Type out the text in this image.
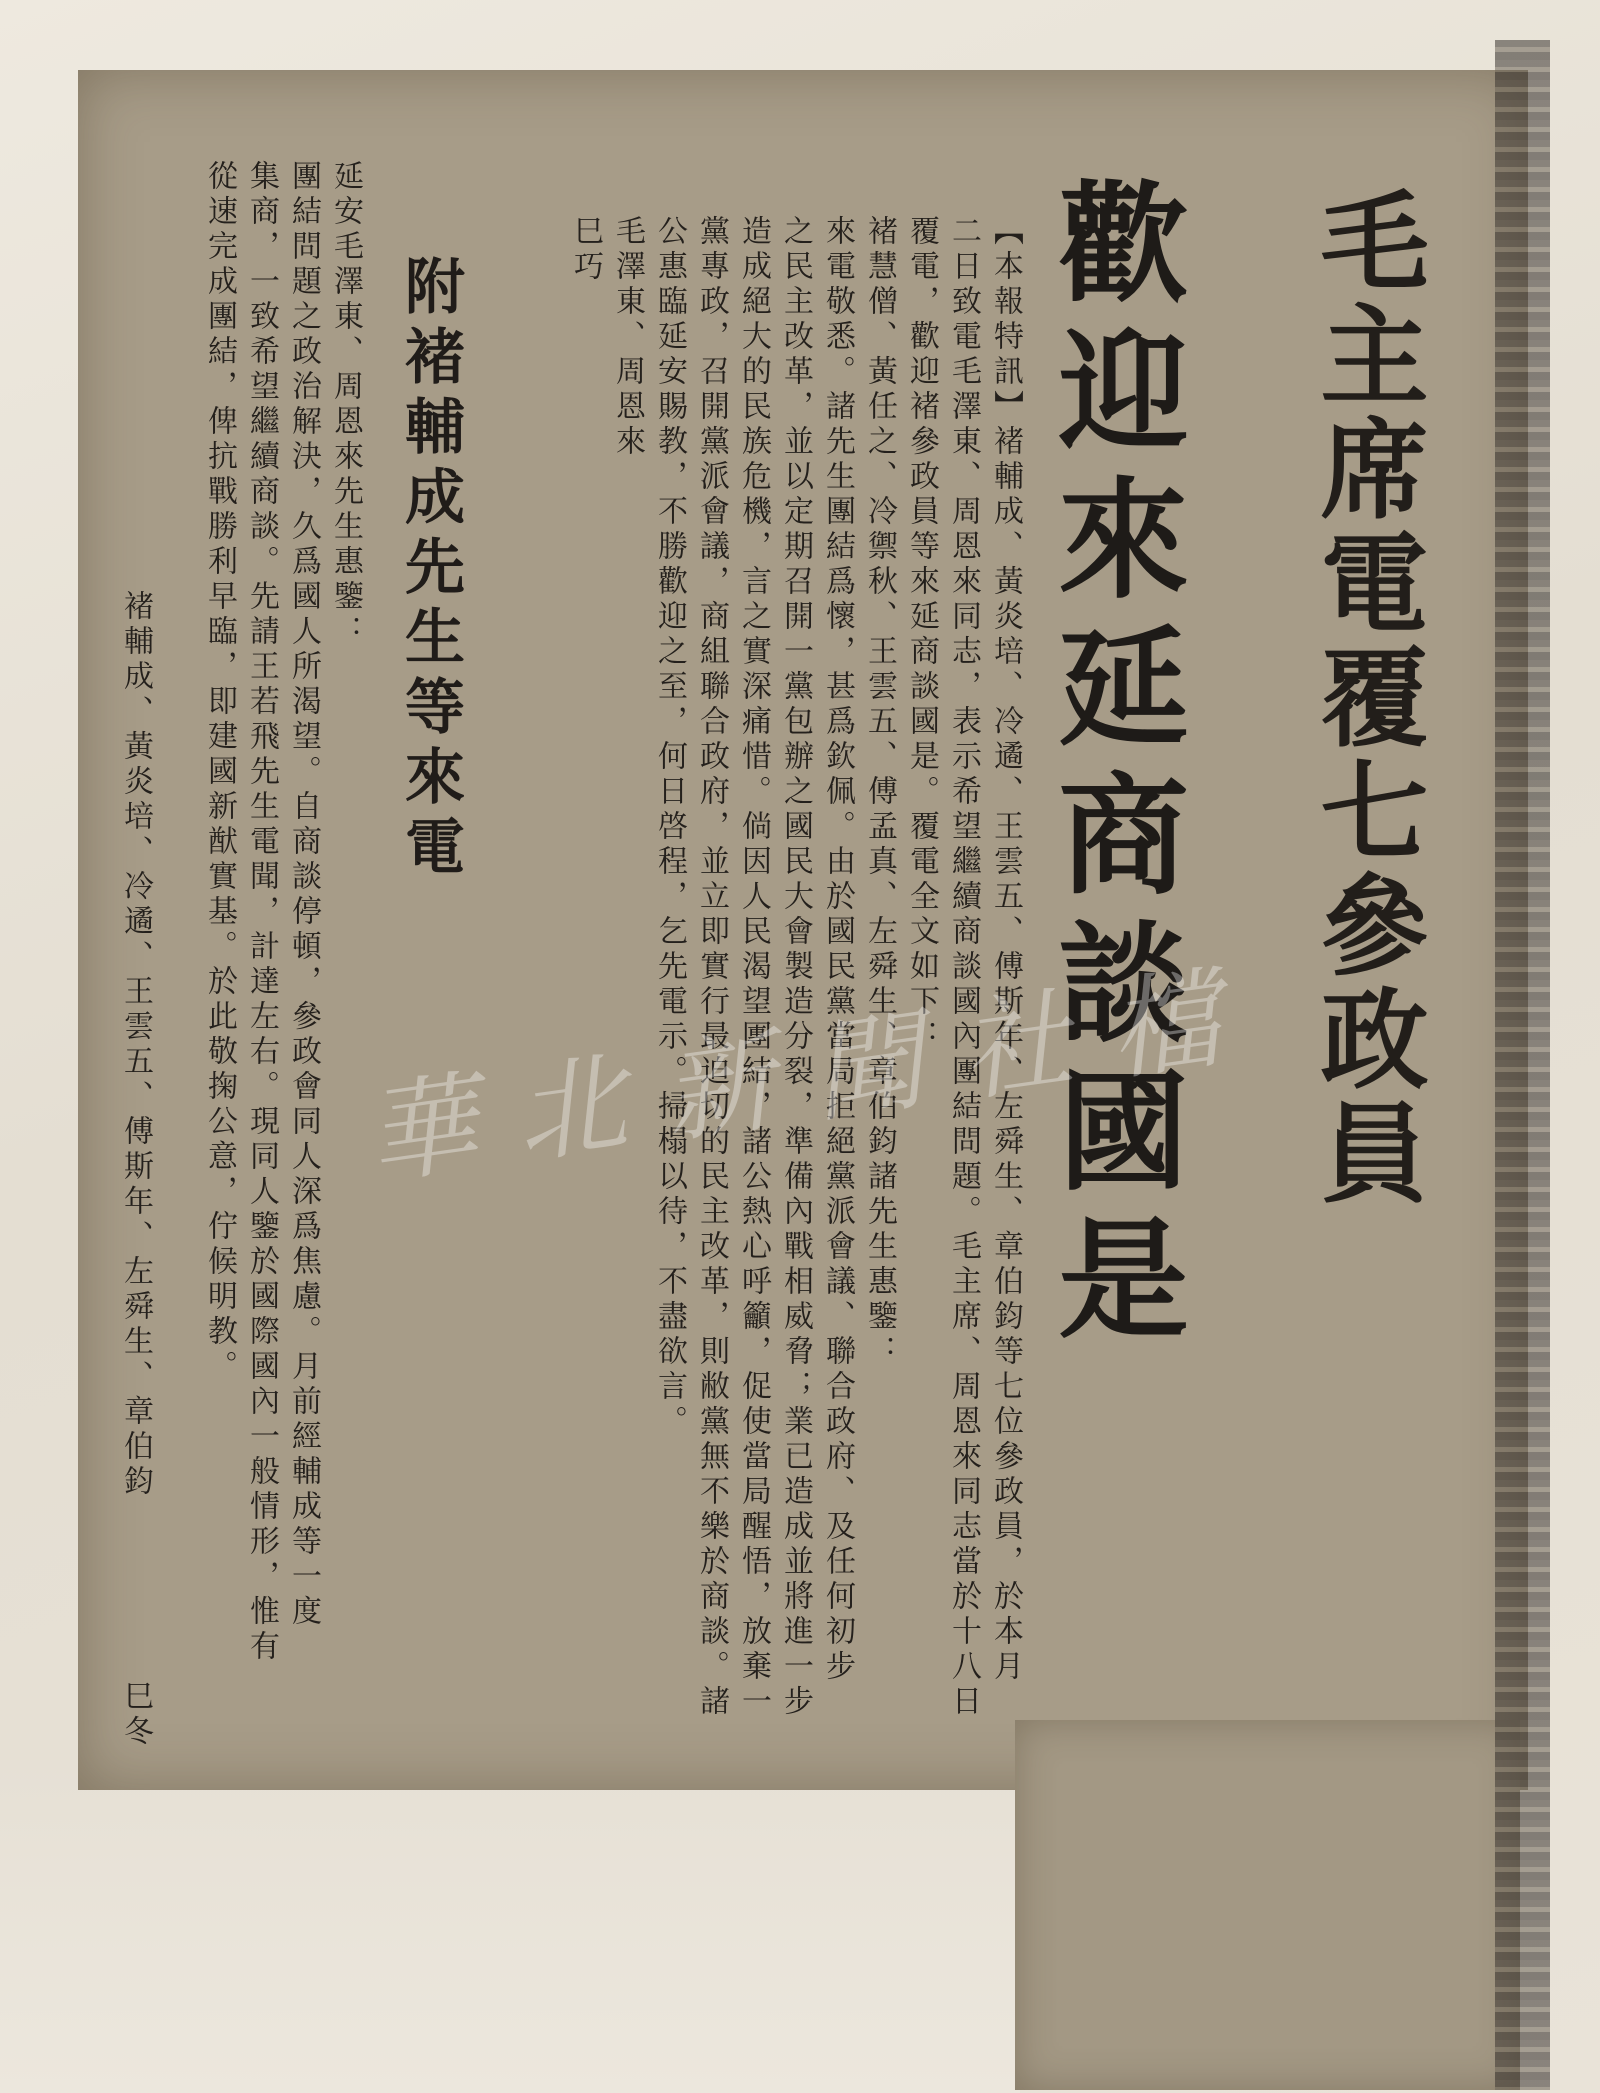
毛主席電覆七參政員
歡迎來延商談國是
【本報特訊】褚輔成、黃炎培、冷遹、王雲五、傅斯年、左舜生、章伯鈞等七位參政員，於本月
二日致電毛澤東、周恩來同志，表示希望繼續商談國內團結問題。毛主席、周恩來同志當於十八日
覆電，歡迎褚參政員等來延商談國是。覆電全文如下：
褚慧僧、黃任之、冷禦秋、王雲五、傅孟真、左舜生、章伯鈞諸先生惠鑒：
來電敬悉。諸先生團結爲懷，甚爲欽佩。由於國民黨當局拒絕黨派會議、聯合政府、及任何初步
之民主改革，並以定期召開一黨包辦之國民大會製造分裂，準備內戰相威脅；業已造成並將進一步
造成絕大的民族危機，言之實深痛惜。倘因人民渴望團結，諸公熱心呼籲，促使當局醒悟，放棄一
黨專政，召開黨派會議，商組聯合政府，並立即實行最迫切的民主改革，則敝黨無不樂於商談。諸
公惠臨延安賜教，不勝歡迎之至，何日啓程，乞先電示。掃榻以待，不盡欲言。
毛澤東、周恩來
巳巧
附褚輔成先生等來電
延安毛澤東、周恩來先生惠鑒：
團結問題之政治解決，久爲國人所渴望。自商談停頓，參政會同人深爲焦慮。月前經輔成等一度
集商，一致希望繼續商談。先請王若飛先生電聞，計達左右。現同人鑒於國際國內一般情形，惟有
從速完成團結，俾抗戰勝利早臨，即建國新猷實基。於此敬掬公意，佇候明教。
褚輔成、黃炎培、冷遹、王雲五、傅斯年、左舜生、章伯鈞
巳冬
華北新聞社檔
